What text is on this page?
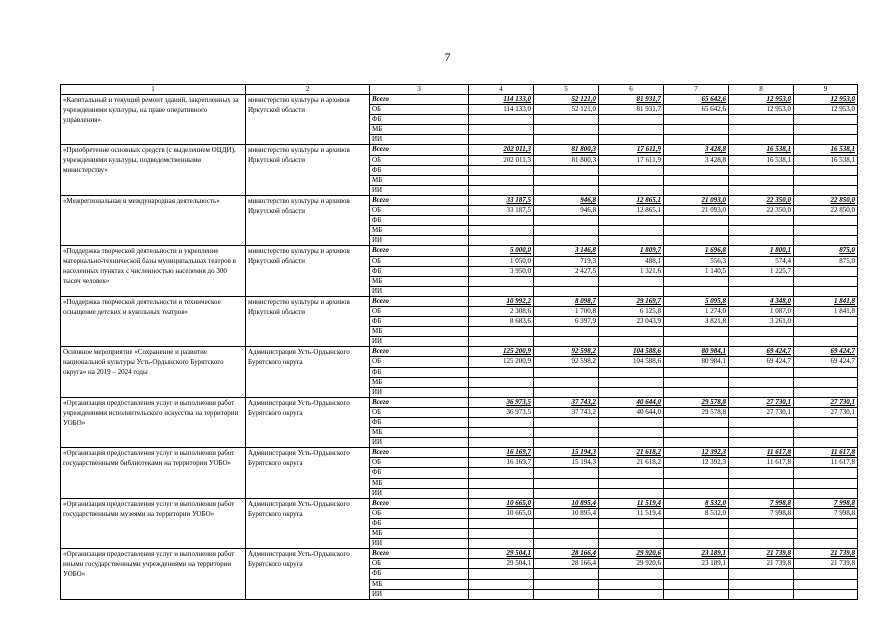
7
1	2	3	4	5	6	7	8	9
«Капитальный и текущий ремонт зданий, закрепленных за учреждениями культуры, на праве оперативного управления»	министерство культуры и архивов Иркутской области	Всего	114 133,0	52 121,0	81 931,7	65 642,6	12 953,0	12 953,0
		ОБ	114 133,0	52 121,0	81 931,7	65 642,6	12 953,0	12 953,0
		ФБ						
		МБ						
		ИИ						
«Приобретение основных средств (с выделением ОЦДИ), учреждениями культуры, подведомственными министерству»	министерство культуры и архивов Иркутской области	Всего	202 011,3	81 800,3	17 611,9	3 428,8	16 538,1	16 538,1
		ОБ	202 011,3	81 800,3	17 611,9	3 428,8	16 538,1	16 538,1
		ФБ						
		МБ						
		ИИ						
«Межрегиональная и международная деятельность»	министерство культуры и архивов Иркутской области	Всего	33 187,5	946,8	12 865,1	21 093,0	22 350,0	22 850,0
		ОБ	33 187,5	946,8	12 865,1	21 093,0	22 350,0	22 850,0
		ФБ						
		МБ						
		ИИ						
«Поддержка творческой деятельности и укрепление материально-технической базы муниципальных театров в населенных пунктах с численностью населения до 300 тысяч человек»	министерство культуры и архивов Иркутской области	Всего	5 000,0	3 146,8	1 809,7	1 696,8	1 800,1	875,0
		ОБ	1 050,0	719,3	488,1	556,3	574,4	875,0
		ФБ	3 950,0	2 427,5	1 321,6	1 140,5	1 225,7	
		МБ						
		ИИ						
«Поддержка творческой деятельности и техническое оснащение детских и кукольных театров»	министерство культуры и архивов Иркутской области	Всего	10 992,2	8 098,7	29 169,7	5 095,8	4 348,0	1 841,8
		ОБ	2 308,6	1 700,8	6 125,8	1 274,0	1 087,0	1 841,8
		ФБ	8 683,6	6 397,9	23 043,9	3 821,8	3 261,0	
		МБ						
		ИИ						
Основное мероприятие «Сохранение и развитие национальной культуры Усть-Ордынского Бурятского округа» на 2019 – 2024 годы	Администрация Усть-Ордынского Бурятского округа	Всего	125 200,9	92 598,2	104 588,6	80 984,1	69 424,7	69 424,7
		ОБ	125 200,9	92 598,2	104 588,6	80 984,1	69 424,7	69 424,7
		ФБ						
		МБ						
		ИИ						
«Организация предоставления услуг и выполнения работ учреждениями исполнительского искусства на территории УОБО»	Администрация Усть-Ордынского Бурятского округа	Всего	36 973,5	37 743,2	40 644,0	29 578,8	27 730,1	27 730,1
		ОБ	36 973,5	37 743,2	40 644,0	29 578,8	27 730,1	27 730,1
		ФБ						
		МБ						
		ИИ						
«Организация предоставления услуг и выполнения работ государственными библиотеками на территории УОБО»	Администрация Усть-Ордынского Бурятского округа	Всего	16 169,7	15 194,3	21 618,2	12 392,3	11 617,8	11 617,8
		ОБ	16 169,7	15 194,3	21 618,2	12 392,3	11 617,8	11 617,8
		ФБ						
		МБ						
		ИИ						
«Организация предоставления услуг и выполнения работ государственными музеями на территории УОБО»	Администрация Усть-Ордынского Бурятского округа	Всего	10 665,0	10 895,4	11 519,4	8 532,0	7 998,8	7 998,8
		ОБ	10 665,0	10 895,4	11 519,4	8 532,0	7 998,8	7 998,8
		ФБ						
		МБ						
		ИИ						
«Организация предоставления услуг и выполнения работ иными государственными учреждениями на территории УОБО»	Администрация Усть-Ордынского Бурятского округа	Всего	29 504,1	28 166,4	29 920,6	23 189,1	21 739,8	21 739,8
		ОБ	29 504,1	28 166,4	29 920,6	23 189,1	21 739,8	21 739,8
		ФБ						
		МБ						
		ИИ						
